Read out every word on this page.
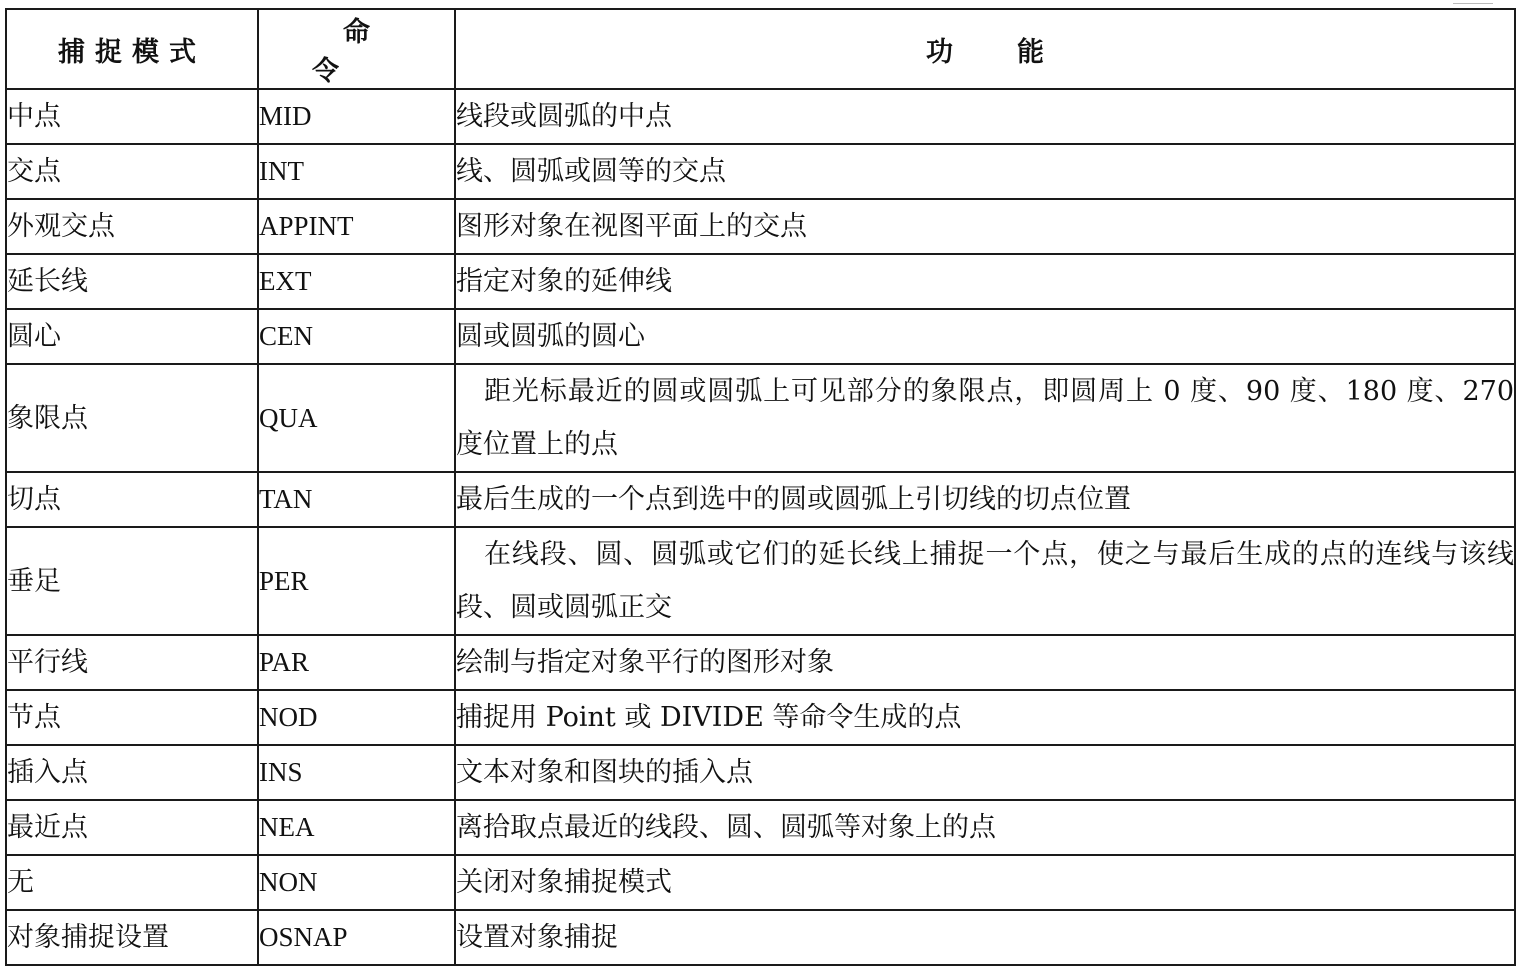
捕捉模式	命令	功能
中点	MID	线段或圆弧的中点
交点	INT	线、圆弧或圆等的交点
外观交点	APPINT	图形对象在视图平面上的交点
延长线	EXT	指定对象的延伸线
圆心	CEN	圆或圆弧的圆心
象限点	QUA	距光标最近的圆或圆弧上可见部分的象限点，即圆周上 0 度、90 度、180 度、270 度位置上的点
切点	TAN	最后生成的一个点到选中的圆或圆弧上引切线的切点位置
垂足	PER	在线段、圆、圆弧或它们的延长线上捕捉一个点，使之与最后生成的点的连线与该线段、圆或圆弧正交
平行线	PAR	绘制与指定对象平行的图形对象
节点	NOD	捕捉用 Point 或 DIVIDE 等命令生成的点
插入点	INS	文本对象和图块的插入点
最近点	NEA	离拾取点最近的线段、圆、圆弧等对象上的点
无	NON	关闭对象捕捉模式
对象捕捉设置	OSNAP	设置对象捕捉
